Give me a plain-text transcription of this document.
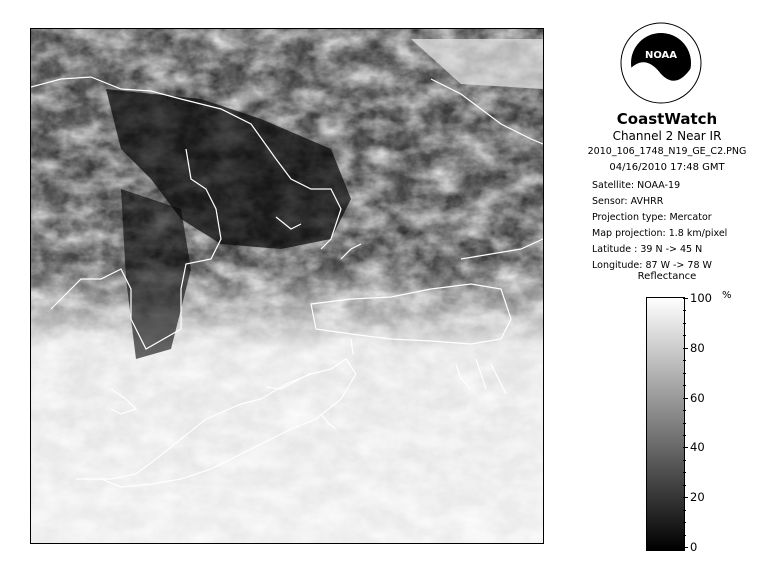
NOAA
CoastWatch
Channel 2 Near IR
2010_106_1748_N19_GE_C2.PNG
04/16/2010 17:48 GMT
Satellite: NOAA-19
Sensor: AVHRR
Projection type: Mercator
Map projection: 1.8 km/pixel
Latitude : 39 N -> 45 N
Longitude: 87 W -> 78 W
Reflectance
%
100
80
60
40
20
0
